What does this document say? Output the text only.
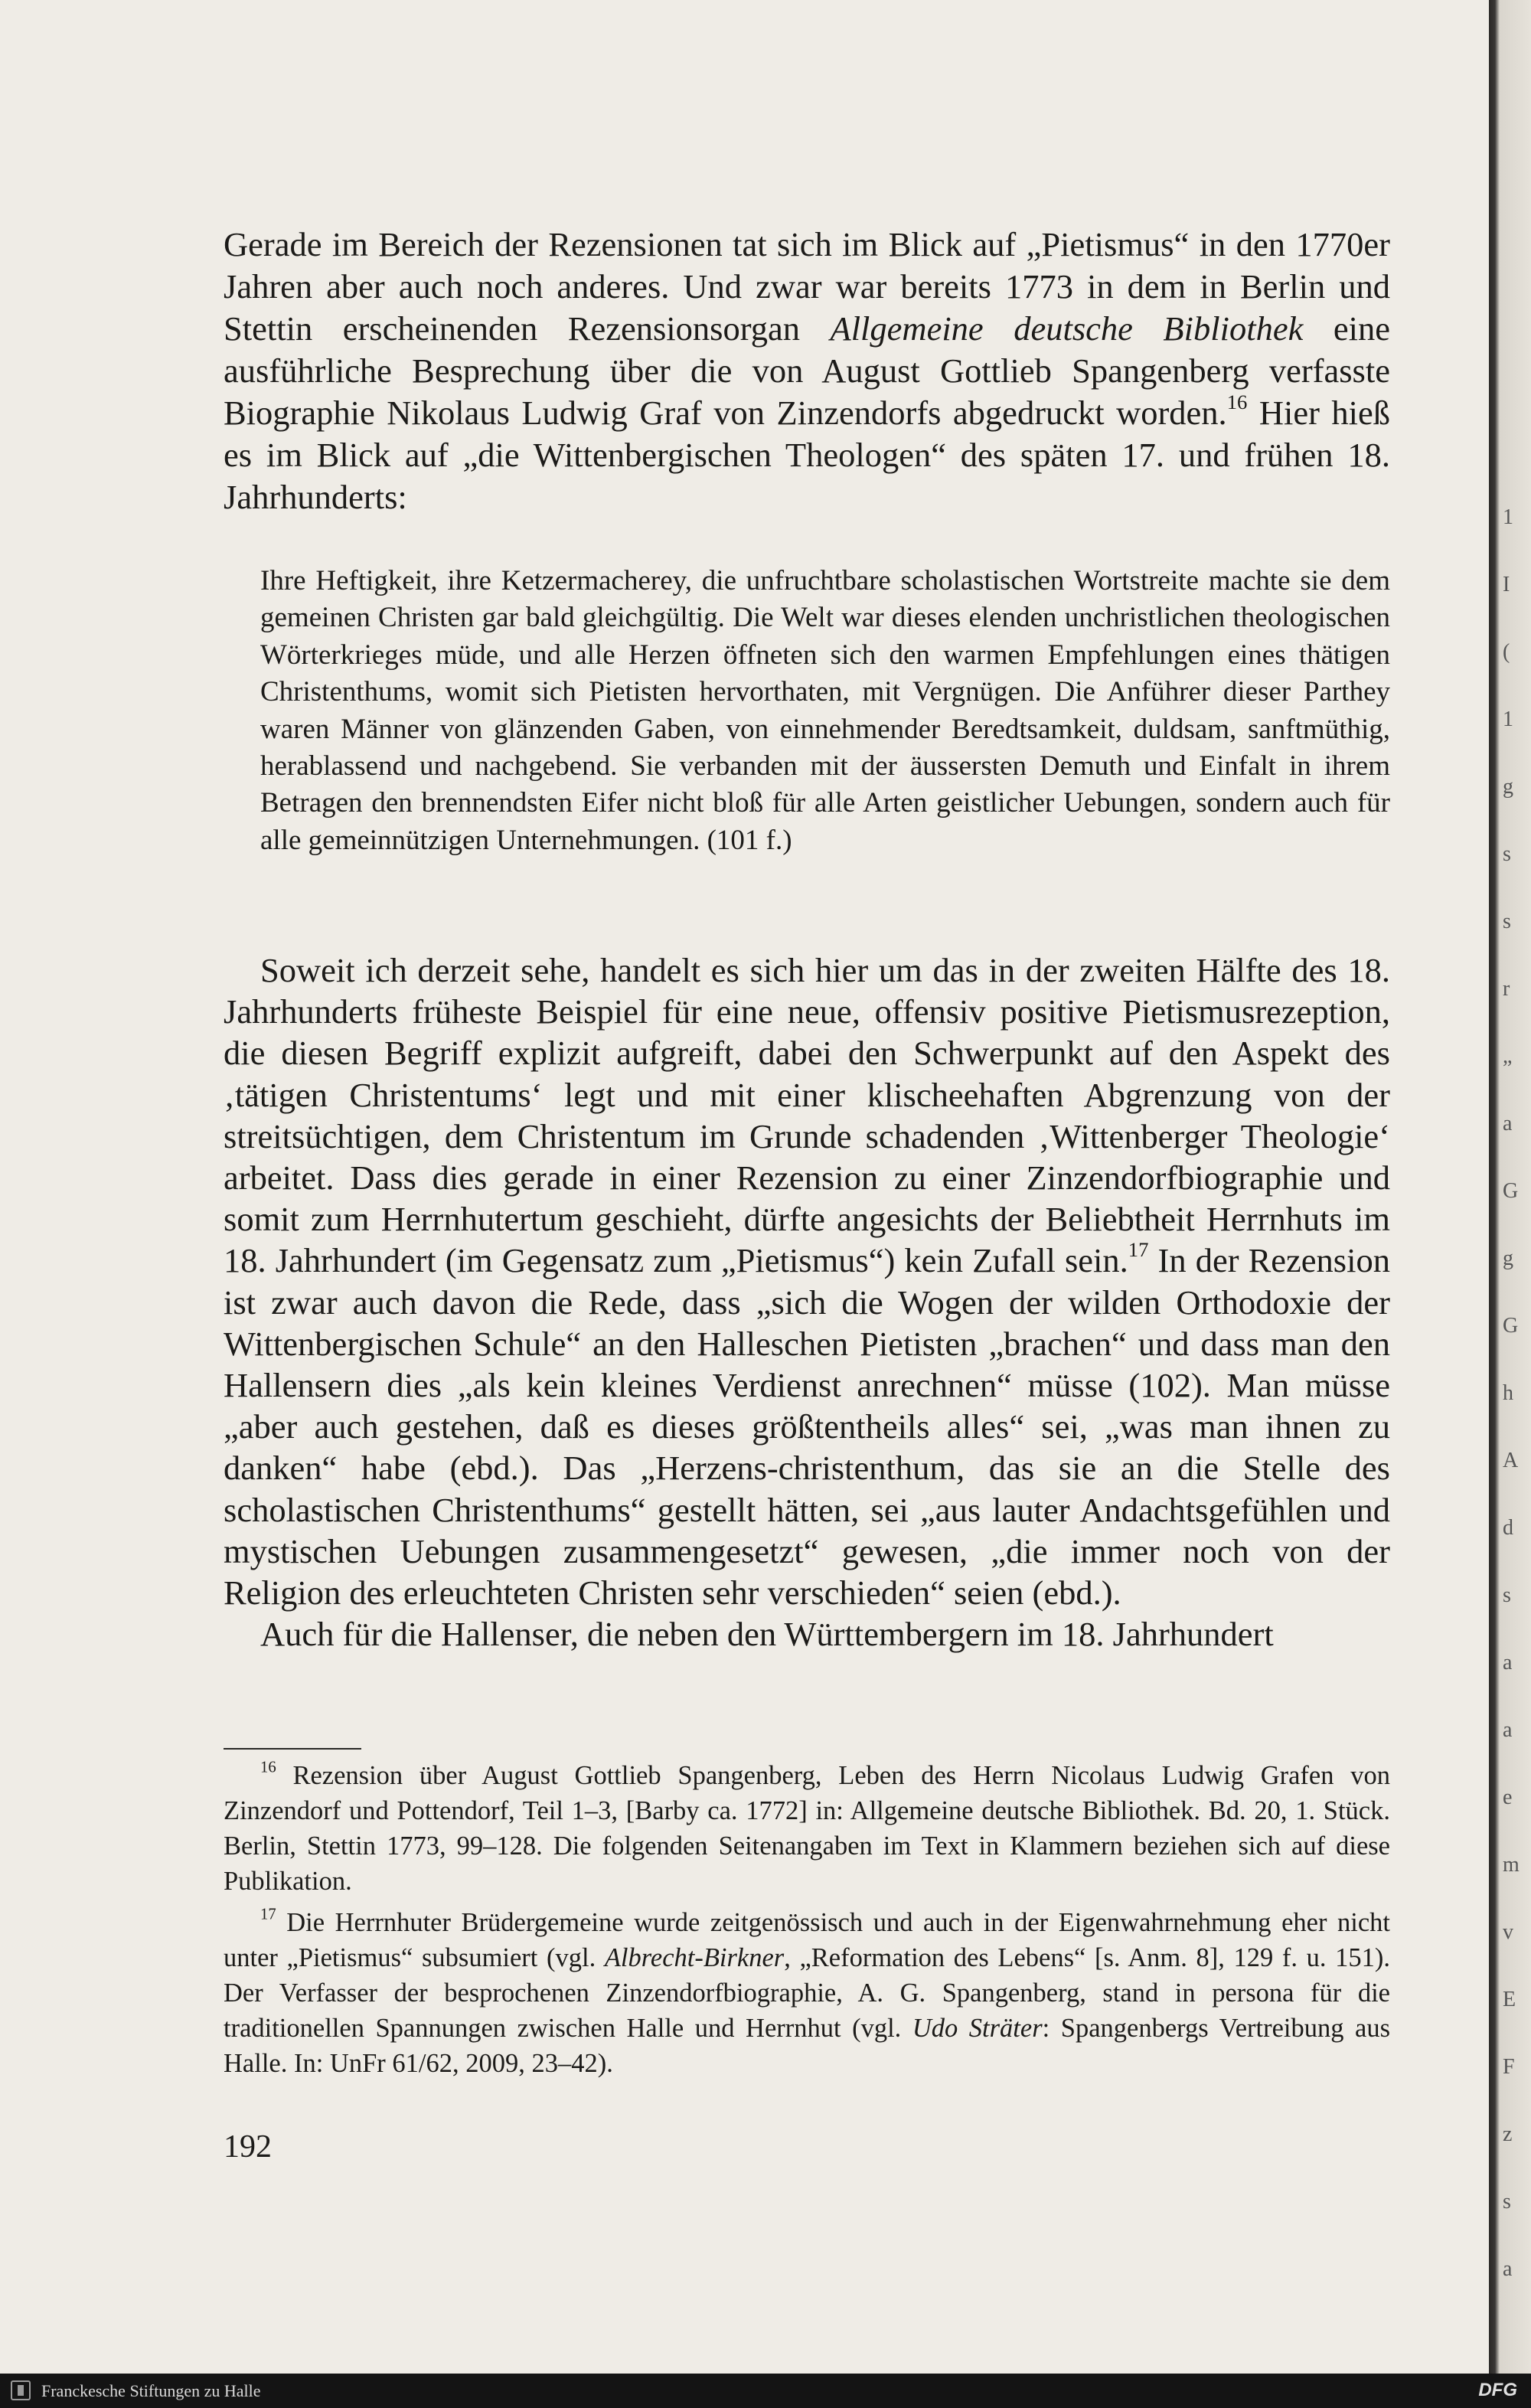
Gerade im Bereich der Rezensionen tat sich im Blick auf „Pietismus“ in den 1770er Jahren aber auch noch anderes. Und zwar war bereits 1773 in dem in Berlin und Stettin erscheinenden Rezensionsorgan Allgemeine deutsche Bibliothek eine ausführliche Besprechung über die von August Gottlieb Spangenberg verfasste Biographie Nikolaus Ludwig Graf von Zinzendorfs abgedruckt worden.$^{16}$ Hier hieß es im Blick auf „die Wittenbergischen Theologen“ des späten 17. und frühen 18. Jahrhunderts:

Ihre Heftigkeit, ihre Ketzermacherey, die unfruchtbare scholastischen Wortstreite machte sie dem gemeinen Christen gar bald gleichgültig. Die Welt war dieses elenden unchristlichen theologischen Wörterkrieges müde, und alle Herzen öffneten sich den warmen Empfehlungen eines thätigen Christenthums, womit sich Pietisten hervorthaten, mit Vergnügen. Die Anführer dieser Parthey waren Männer von glänzenden Gaben, von einnehmender Beredtsamkeit, duldsam, sanftmüthig, herablassend und nachgebend. Sie verbanden mit der äussersten Demuth und Einfalt in ihrem Betragen den brennendsten Eifer nicht bloß für alle Arten geistlicher Uebungen, sondern auch für alle gemeinnützigen Unternehmungen. (101 f.)

Soweit ich derzeit sehe, handelt es sich hier um das in der zweiten Hälfte des 18. Jahrhunderts früheste Beispiel für eine neue, offensiv positive Pietismusrezeption, die diesen Begriff explizit aufgreift, dabei den Schwerpunkt auf den Aspekt des ‚tätigen Christentums‘ legt und mit einer klischeehaften Abgrenzung von der streitsüchtigen, dem Christentum im Grunde schadenden ‚Wittenberger Theologie‘ arbeitet. Dass dies gerade in einer Rezension zu einer Zinzendorfbiographie und somit zum Herrnhutertum geschieht, dürfte angesichts der Beliebtheit Herrnhuts im 18. Jahrhundert (im Gegensatz zum „Pietismus“) kein Zufall sein.$^{17}$ In der Rezension ist zwar auch davon die Rede, dass „sich die Wogen der wilden Orthodoxie der Wittenbergischen Schule“ an den Halleschen Pietisten „brachen“ und dass man den Hallensern dies „als kein kleines Verdienst anrechnen“ müsse (102). Man müsse „aber auch gestehen, daß es dieses größtentheils alles“ sei, „was man ihnen zu danken“ habe (ebd.). Das „Herzens-christenthum, das sie an die Stelle des scholastischen Christenthums“ gestellt hätten, sei „aus lauter Andachtsgefühlen und mystischen Uebungen zusammengesetzt“ gewesen, „die immer noch von der Religion des erleuchteten Christen sehr verschieden“ seien (ebd.).

Auch für die Hallenser, die neben den Württembergern im 18. Jahrhundert

$^{16}$ Rezension über August Gottlieb Spangenberg, Leben des Herrn Nicolaus Ludwig Grafen von Zinzendorf und Pottendorf, Teil 1–3, [Barby ca. 1772] in: Allgemeine deutsche Bibliothek. Bd. 20, 1. Stück. Berlin, Stettin 1773, 99–128. Die folgenden Seitenangaben im Text in Klammern beziehen sich auf diese Publikation.

$^{17}$ Die Herrnhuter Brüdergemeine wurde zeitgenössisch und auch in der Eigenwahrnehmung eher nicht unter „Pietismus“ subsumiert (vgl. Albrecht-Birkner, „Reformation des Lebens“ [s. Anm. 8], 129 f. u. 151). Der Verfasser der besprochenen Zinzendorfbiographie, A. G. Spangenberg, stand in persona für die traditionellen Spannungen zwischen Halle und Herrnhut (vgl. Udo Sträter: Spangenbergs Vertreibung aus Halle. In: UnFr 61/62, 2009, 23–42).

192
1
I
(
1
g
s
s
r
„
a
G
g
G
h
A
d
s
a
a
e
m
v
E
F
z
s
a
Franckesche Stiftungen zu Halle	DFG
